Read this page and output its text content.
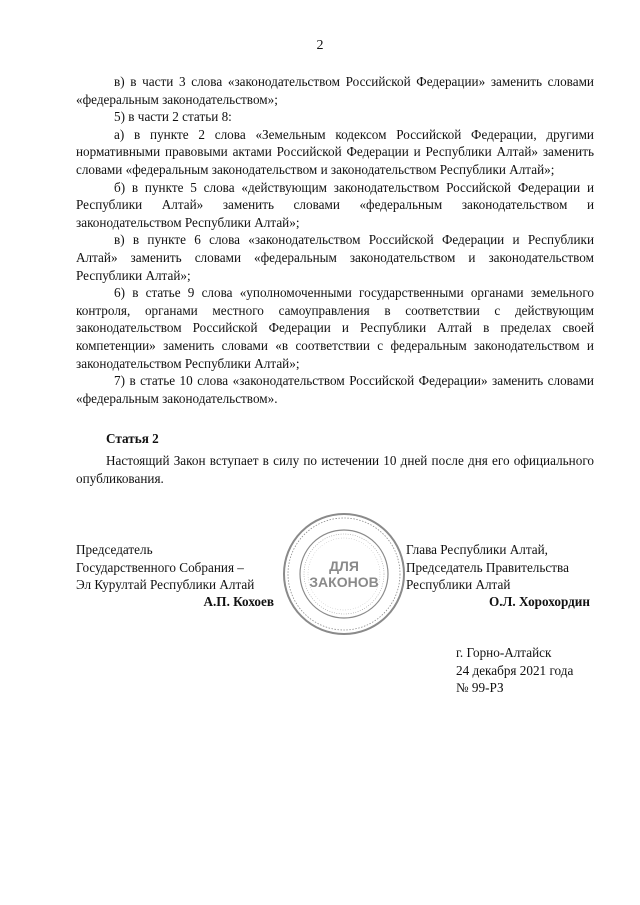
2

в) в части 3 слова «законодательством Российской Федерации» заменить словами «федеральным законодательством»;

5) в части 2 статьи 8:

а) в пункте 2 слова «Земельным кодексом Российской Федерации, другими нормативными правовыми актами Российской Федерации и Республики Алтай» заменить словами «федеральным законодательством и законодательством Республики Алтай»;

б) в пункте 5 слова «действующим законодательством Российской Федерации и Республики Алтай» заменить словами «федеральным законодательством и законодательством Республики Алтай»;

в) в пункте 6 слова «законодательством Российской Федерации и Республики Алтай» заменить словами «федеральным законодательством и законодательством Республики Алтай»;

6) в статье 9 слова «уполномоченными государственными органами земельного контроля, органами местного самоуправления в соответствии с действующим законодательством Российской Федерации и Республики Алтай в пределах своей компетенции» заменить словами «в соответствии с федеральным законодательством и законодательством Республики Алтай»;

7) в статье 10 слова «законодательством Российской Федерации» заменить словами «федеральным законодательством».

Статья 2

Настоящий Закон вступает в силу по истечении 10 дней после дня его официального опубликования.

Председатель
Государственного Собрания –
Эл Курултай Республики Алтай
А.П. Кохоев
Глава Республики Алтай,
Председатель Правительства
Республики Алтай
О.Л. Хорохордин
ДЛЯ
ЗАКОНОВ
г. Горно-Алтайск
24 декабря 2021 года
№ 99-РЗ
